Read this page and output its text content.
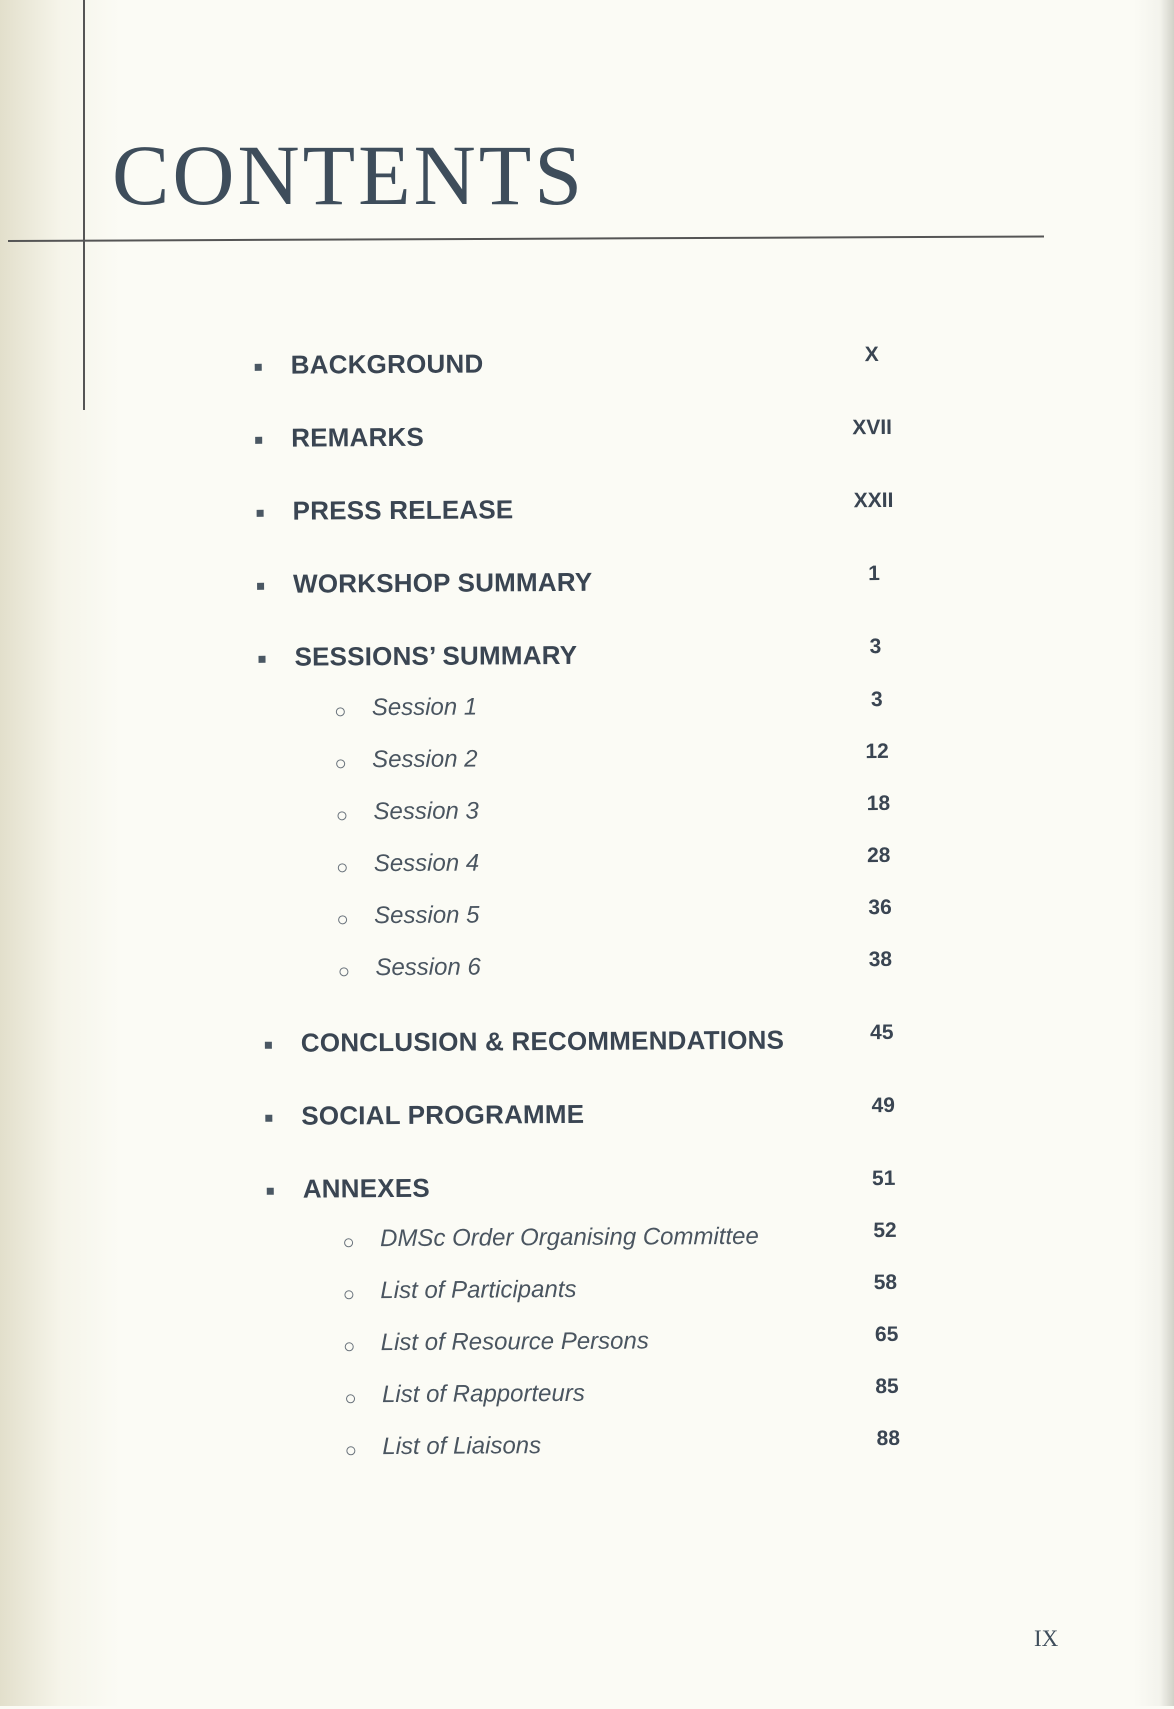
CONTENTS
BACKGROUND	X
REMARKS	XVII
PRESS RELEASE	XXII
WORKSHOP SUMMARY	1
SESSIONS’ SUMMARY	3
Session 1	3
Session 2	12
Session 3	18
Session 4	28
Session 5	36
Session 6	38
CONCLUSION & RECOMMENDATIONS	45
SOCIAL PROGRAMME	49
ANNEXES	51
DMSc Order Organising Committee	52
List of Participants	58
List of Resource Persons	65
List of Rapporteurs	85
List of Liaisons	88
IX
